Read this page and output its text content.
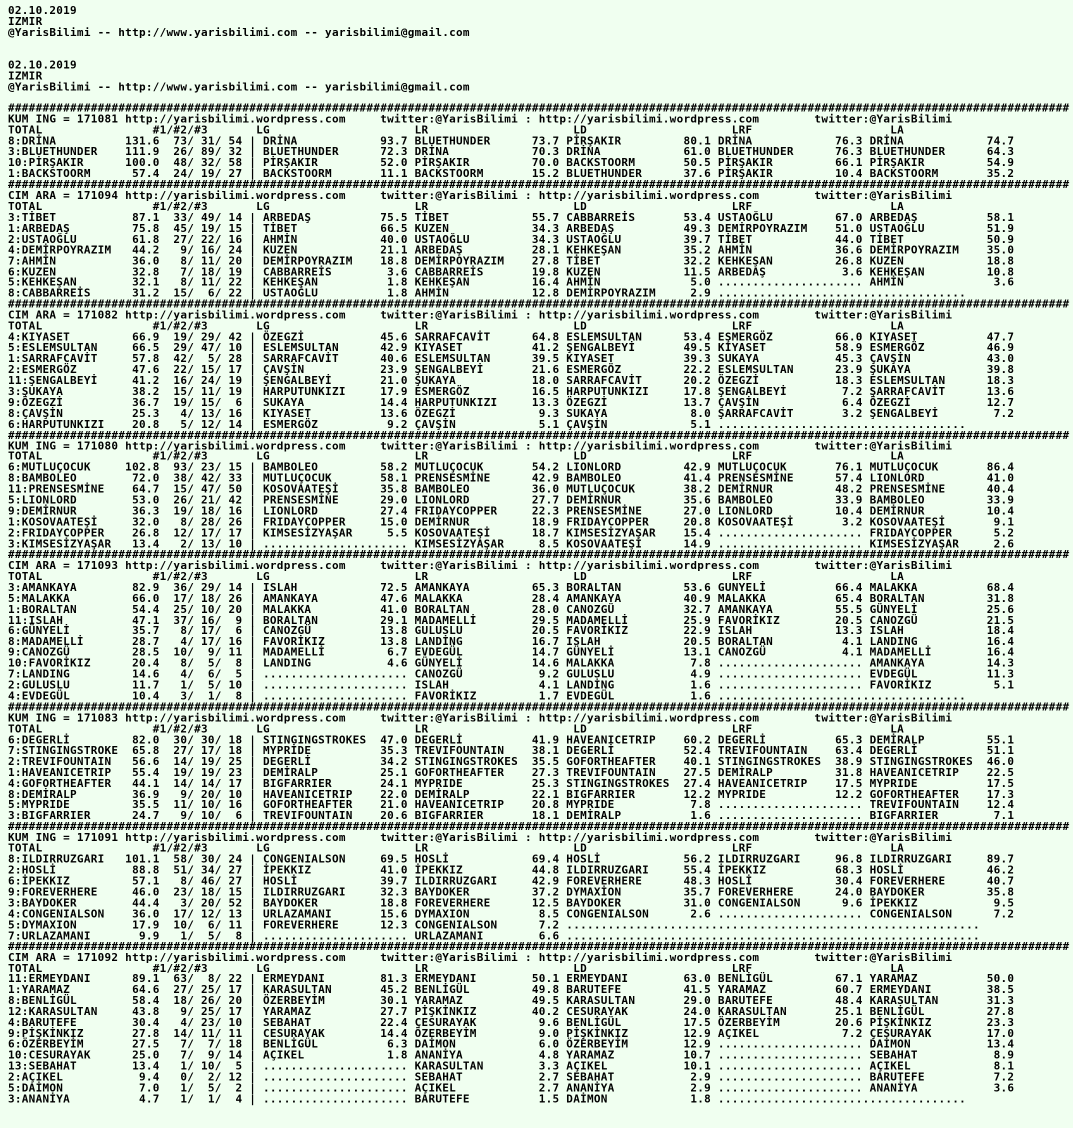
02.10.2019
IZMIR
@YarisBilimi -- http://www.yarisbilimi.com -- yarisbilimi@gmail.com
02.10.2019
IZMIR
@YarisBilimi -- http://www.yarisbilimi.com -- yarisbilimi@gmail.com
##########################################################################################################################################################
KUM ING = 171081 http://yarisbilimi.wordpress.com     twitter:@YarisBilimi : http://yarisbilimi.wordpress.com        twitter:@YarisBilimi
TOTAL                #1/#2/#3       LG                     LR                     LD                     LRF                    LA
8:DRİNA          131.6  73/ 31/ 54 | DRİNA            93.7 BLUETHUNDER      73.7 PİRŞAKIR         80.1 DRİNA            76.3 DRİNA            74.7
3:BLUETHUNDER    111.9  26/ 89/ 32 | BLUETHUNDER      72.3 DRİNA            70.3 DRİNA            61.0 BLUETHUNDER      76.3 BLUETHUNDER      64.3
10:PİRŞAKIR      100.0  48/ 32/ 58 | PİRŞAKIR         52.0 PİRŞAKIR         70.0 BACKSTOORM       50.5 PİRŞAKIR         66.1 PİRŞAKIR         54.9
1:BACKSTOORM      57.4  24/ 19/ 27 | BACKSTOORM       11.1 BACKSTOORM       15.2 BLUETHUNDER      37.6 PİRŞAKIR         10.4 BACKSTOORM       35.2
##########################################################################################################################################################
CIM ARA = 171094 http://yarisbilimi.wordpress.com     twitter:@YarisBilimi : http://yarisbilimi.wordpress.com        twitter:@YarisBilimi
TOTAL                #1/#2/#3       LG                     LR                     LD                     LRF                    LA
3:TİBET           87.1  33/ 49/ 14 | ARBEDAŞ          75.5 TİBET            55.7 CABBARREİS       53.4 USTAOĞLU         67.0 ARBEDAŞ          58.1
1:ARBEDAŞ         75.8  45/ 19/ 15 | TİBET            66.5 KUZEN            34.3 ARBEDAŞ          49.3 DEMİRPOYRAZIM    51.0 USTAOĞLU         51.9
2:USTAOĞLU        61.8  27/ 22/ 16 | AHMİN            40.0 USTAOĞLU         34.3 USTAOĞLU         39.7 TİBET            44.0 TİBET            50.9
4:DEMİRPOYRAZIM   44.2   9/ 16/ 24 | KUZEN            21.1 ARBEDAŞ          28.1 KEHKEŞAN         35.2 AHMİN            36.6 DEMİRPOYRAZIM    35.0
7:AHMİN           36.0   8/ 11/ 20 | DEMİRPOYRAZIM    18.8 DEMİRPOYRAZIM    27.8 TİBET            32.2 KEHKEŞAN         26.8 KUZEN            18.8
6:KUZEN           32.8   7/ 18/ 19 | CABBARREİS        3.6 CABBARREİS       19.8 KUZEN            11.5 ARBEDAŞ           3.6 KEHKEŞAN         10.8
5:KEHKEŞAN        32.1   8/ 11/ 22 | KEHKEŞAN          1.8 KEHKEŞAN         16.4 AHMİN             5.0 ..................... AHMİN             3.6
8:CABBARREİS      31.2  15/  6/ 22 | USTAOĞLU          1.8 AHMİN            12.8 DEMİRPOYRAZIM     2.9 ....................................
##########################################################################################################################################################
CIM ARA = 171082 http://yarisbilimi.wordpress.com     twitter:@YarisBilimi : http://yarisbilimi.wordpress.com        twitter:@YarisBilimi
TOTAL                #1/#2/#3       LG                     LR                     LD                     LRF                    LA
4:KIYASET         66.9  19/ 29/ 42 | ÖZEGZİ           45.6 SARRAFCAVİT      64.8 ESLEMSULTAN      53.4 EŞMERGÖZ         66.0 KIYASET          47.7
5:ESLEMSULTAN     66.5  29/ 47/ 10 | ESLEMSULTAN      42.9 KIYASET          41.2 ŞENGALBEYİ       49.5 KIYASET          58.9 ESMERGÖZ         46.9
1:SARRAFCAVİT     57.8  42/  5/ 28 | SARRAFCAVİT      40.6 ESLEMSULTAN      39.5 KIYASET          39.3 SUKAYA           45.3 ÇAVŞİN           43.0
2:ESMERGÖZ        47.6  22/ 15/ 17 | ÇAVŞİN           23.9 ŞENGALBEYİ       21.6 ESMERGÖZ         22.2 ESLEMSULTAN      23.9 ŞUKAYA           39.8
11:ŞENGALBEYİ     41.2  16/ 24/ 19 | ŞENGALBEYİ       21.0 ŞUKAYA           18.0 SARRAFCAVİT      20.2 ÖZEGZİ           18.3 ESLEMSULTAN      18.3
3:ŞUKAYA          38.2  15/ 11/ 19 | HARPUTUNKIZI     17.9 ESMERGÖZ         16.5 HARPUTUNKIZI     17.8 ŞENGALBEYİ        7.2 ŞARRAFCAVİT      13.6
9:ÖZEGZİ          36.7  19/ 15/  6 | SUKAYA           14.4 HARPUTUNKIZI     13.3 ÖZEGZİ           13.7 ÇAVŞİN            6.4 ÖZEGZİ           12.7
8:ÇAVŞİN          25.3   4/ 13/ 16 | KIYASET          13.6 ÖZEGZİ            9.3 SUKAYA            8.0 ŞARRAFCAVİT       3.2 ŞENGALBEYİ        7.2
6:HARPUTUNKIZI    20.8   5/ 12/ 14 | ESMERGÖZ          9.2 ÇAVŞİN            5.1 ÇAVŞİN            5.1 ....................................
##########################################################################################################################################################
KUM ING = 171080 http://yarisbilimi.wordpress.com     twitter:@YarisBilimi : http://yarisbilimi.wordpress.com        twitter:@YarisBilimi
TOTAL                #1/#2/#3       LG                     LR                     LD                     LRF                    LA
6:MUTLUÇOCUK     102.8  93/ 23/ 15 | BAMBOLEO         58.2 MUTLUÇOCUK       54.2 LIONLORD         42.9 MUTLUÇOCUK       76.1 MUTLUÇOCUK       86.4
8:BAMBOLEO        72.0  38/ 42/ 33 | MUTLUÇOCUK       58.1 PRENSESMİNE      42.9 BAMBOLEO         41.4 PRENSESMİNE      57.4 LIONLORD         41.0
11:PRENSESMİNE    64.7  15/ 47/ 50 | KOSOVAATEŞİ      35.8 BAMBOLEO         36.0 MUTLUÇOCUK       38.2 DEMİRNUR         48.2 PRENSESMİNE      40.4
5:LIONLORD        53.0  26/ 21/ 42 | PRENSESMİNE      29.0 LIONLORD         27.7 DEMİRNUR         35.6 BAMBOLEO         33.9 BAMBOLEO         33.9
9:DEMİRNUR        36.3  19/ 18/ 16 | LIONLORD         27.4 FRIDAYCOPPER     22.3 PRENSESMİNE      27.0 LIONLORD         10.4 DEMİRNUR         10.4
1:KOSOVAATEŞİ     32.0   8/ 28/ 26 | FRIDAYCOPPER     15.0 DEMİRNUR         18.9 FRIDAYCOPPER     20.8 KOSOVAATEŞİ       3.2 KOSOVAATEŞİ       9.1
2:FRIDAYCOPPER    26.8  12/ 17/ 17 | KIMSESİZYAŞAR     5.5 KOSOVAATEŞİ      18.7 KIMSESİZYAŞAR    15.4 ..................... FRIDAYCOPPER      5.2
3:KIMSESİZYAŞAR   13.4   2/ 13/ 10 | ..................... KIMSESİZYAŞAR     8.5 KOSOVAATEŞİ      14.9 ..................... KIMSESİZYAŞAR     2.6
##########################################################################################################################################################
CIM ARA = 171093 http://yarisbilimi.wordpress.com     twitter:@YarisBilimi : http://yarisbilimi.wordpress.com        twitter:@YarisBilimi
TOTAL                #1/#2/#3       LG                     LR                     LD                     LRF                    LA
3:AMANKAYA        82.9  36/ 29/ 14 | ISLAH            72.5 AMANKAYA         65.3 BORALTAN         53.6 GUNYELİ          66.4 MALAKKA          68.4
5:MALAKKA         66.0  17/ 18/ 26 | AMANKAYA         47.6 MALAKKA          28.4 AMANKAYA         40.9 MALAKKA          65.4 BORALTAN         31.8
1:BORALTAN        54.4  25/ 10/ 20 | MALAKKA          41.0 BORALTAN         28.0 CANOZGÜ          32.7 AMANKAYA         55.5 GÜNYELİ          25.6
11:ISLAH          47.1  37/ 16/  9 | BORALTAN         29.1 MADAMELLİ        29.5 MADAMELLİ        25.9 FAVORİKIZ        20.5 CANOZGÜ          21.5
6:GÜNYELİ         35.7   8/ 17/  6 | CANOZGÜ          13.8 GULUSLU          20.5 FAVORİKIZ        22.9 ISLAH            13.3 ISLAH            18.4
8:MADAMELLİ       28.7   4/ 17/ 16 | FAVORİKIZ        13.8 LANDİNG          16.7 ISLAH            20.5 BORALTAN          4.1 LANDING          16.4
9:CANOZGÜ         28.5  10/  9/ 11 | MADAMELLİ         6.7 EVDEGÜL          14.7 GÜNYELİ          13.1 CANOZGÜ           4.1 MADAMELLİ        16.4
10:FAVORİKIZ      20.4   8/  5/  8 | LANDING           4.6 GÜNYELİ          14.6 MALAKKA           7.8 ..................... AMANKAYA         14.3
7:LANDING         14.6   4/  6/  5 | ..................... CANOZGÜ           9.2 GULUSLU           4.9 ..................... EVDEGÜL          11.3
2:GULUSLU         11.7   1/  5/ 10 | ..................... ISLAH             4.1 LANDİNG           1.6 ..................... FAVORİKIZ         5.1
4:EVDEGÜL         10.4   3/  1/  8 | ..................... FAVORİKIZ         1.7 EVDEGÜL           1.6 ....................................
##########################################################################################################################################################
KUM ING = 171083 http://yarisbilimi.wordpress.com     twitter:@YarisBilimi : http://yarisbilimi.wordpress.com        twitter:@YarisBilimi
TOTAL                #1/#2/#3       LG                     LR                     LD                     LRF                    LA
6:DEGERLİ         82.0  30/ 30/ 18 | STINGINGSTROKES  47.0 DEGERLİ          41.9 HAVEANICETRIP    60.2 DEGERLİ          65.3 DEMİRALP         55.1
7:STINGINGSTROKE  65.8  27/ 17/ 18 | MYPRİDE          35.3 TREVIFOUNTAIN    38.1 DEGERLİ          52.4 TREVIFOUNTAIN    63.4 DEGERLİ          51.1
2:TREVIFOUNTAIN   56.6  14/ 19/ 25 | DEGERLİ          34.2 STINGINGSTROKES  35.5 GOFORTHEAFTER    40.1 STINGINGSTROKES  38.9 STINGINGSTROKES  46.0
1:HAVEANICETRIP   55.4  19/ 19/ 23 | DEMİRALP         25.1 GOFORTHEAFTER    27.3 TREVIFOUNTAIN    27.5 DEMİRALP         31.8 HAVEANICETRIP    22.5
4:GOFORTHEAFTER   44.1  14/ 14/ 17 | BIGFARRIER       24.1 MYPRIDE          25.3 STINGINGSTROKES  27.4 HAVEANICETRIP    17.5 MYPRIDE          17.5
8:DEMİRALP        36.9   9/ 20/ 10 | HAVEANICETRIP    22.0 DEMİRALP         22.1 BIGFARRIER       12.2 MYPRIDE          12.2 GOFORTHEAFTER    17.3
5:MYPRIDE         35.5  11/ 10/ 16 | GOFORTHEAFTER    21.0 HAVEANICETRIP    20.8 MYPRIDE           7.8 ..................... TREVIFOUNTAIN    12.4
3:BIGFARRIER      24.7   9/ 10/  6 | TREVIFOUNTAIN    20.6 BIGFARRIER       18.1 DEMİRALP          1.6 ..................... BIGFARRIER        7.1
##########################################################################################################################################################
KUM ING = 171091 http://yarisbilimi.wordpress.com     twitter:@YarisBilimi : http://yarisbilimi.wordpress.com        twitter:@YarisBilimi
TOTAL                #1/#2/#3       LG                     LR                     LD                     LRF                    LA
8:ILDIRRUZGARI   101.1  58/ 30/ 24 | CONGENIALSON     69.5 HOSLİ            69.4 HOSLİ            56.2 ILDIRRUZGARI     96.8 ILDIRRUZGARI     89.7
2:HOSLİ           88.8  51/ 34/ 27 | İPEKKIZ          41.0 İPEKKIZ          44.8 ILDIRRUZGARI     55.4 İPEKKIZ          68.3 HOSLİ            46.2
6:İPEKKIZ         57.1   8/ 46/ 27 | HOSLİ            39.7 ILDIRRUZGARI     42.9 FOREVERHERE      48.3 HOSLİ            30.4 FOREVERHERE      40.7
9:FOREVERHERE     46.0  23/ 18/ 15 | ILDIRRUZGARI     32.3 BAYDOKER         37.2 DYMAXİON         35.7 FOREVERHERE      24.0 BAYDOKER         35.8
3:BAYDOKER        44.4   3/ 20/ 52 | BAYDOKER         18.8 FOREVERHERE      12.5 BAYDOKER         31.0 CONGENIALSON      9.6 İPEKKIZ           9.5
4:CONGENIALSON    36.0  17/ 12/ 13 | URLAZAMANI       15.6 DYMAXION          8.5 CONGENIALSON      2.6 ..................... CONGENIALSON      7.2
5:DYMAXION        17.9  10/  6/ 11 | FOREVERHERE      12.3 CONGENIALSON      7.2 ............................................................
7:URLAZAMANI       9.9   1/  5/  8 | ..................... URLAZAMANI        6.6 ............................................................
##########################################################################################################################################################
CIM ARA = 171092 http://yarisbilimi.wordpress.com     twitter:@YarisBilimi : http://yarisbilimi.wordpress.com        twitter:@YarisBilimi
TOTAL                #1/#2/#3       LG                     LR                     LD                     LRF                    LA
11:ERMEYDANI      89.1  63/  8/ 22 | ERMEYDANI        81.3 ERMEYDANI        50.1 ERMEYDANI        63.0 BENLİGÜL         67.1 YARAMAZ          50.0
1:YARAMAZ         64.6  27/ 25/ 17 | KARASULTAN       45.2 BENLİGÜL         49.8 BARUTEFE         41.5 YARAMAZ          60.7 ERMEYDANI        38.5
8:BENLİGÜL        58.4  18/ 26/ 20 | ÖZERBEYİM        30.1 YARAMAZ          49.5 KARASULTAN       29.0 BARUTEFE         48.4 KARASULTAN       31.3
12:KARASULTAN     43.8   9/ 25/ 17 | YARAMAZ          27.7 PİŞKİNKIZ        40.2 CESURAYAK        24.0 KARASULTAN       25.1 BENLİGÜL         27.8
4:BARUTEFE        30.4   4/ 23/ 10 | SEBAHAT          22.4 ÇESURAYAK         9.6 BENLİGÜL         17.5 ÖZERBEYİM        20.6 PİŞKİNKIZ        23.3
9:PİŞKİNKIZ       27.8  14/ 11/ 11 | CESURAYAK        14.4 ÖZERBEYİM         9.0 PİŞKİNKIZ        12.9 AÇIKEL            7.2 ÇESURAYAK        17.0
6:ÖZERBEYİM       27.5   7/  7/ 18 | BENLİGÜL          6.3 DAİMON            6.0 ÖZERBEYİM        12.9 ..................... DAİMON           13.4
10:CESURAYAK      25.0   7/  9/ 14 | AÇIKEL            1.8 ANANİYA           4.8 YARAMAZ          10.7 ..................... SEBAHAT           8.9
13:SEBAHAT        13.4   1/ 10/  5 | ..................... KARASULTAN        3.3 AÇIKEL           10.1 ..................... AÇIKEL            8.1
2:AÇIKEL           9.4   0/  2/ 12 | ..................... SEBAHAT           2.7 SEBAHAT           2.9 ..................... BARUTEFE          7.2
5:DAİMON           7.0   1/  5/  2 | ..................... AÇIKEL            2.7 ANANİYA           2.9 ..................... ANANİYA           3.6
3:ANANİYA          4.7   1/  1/  4 | ..................... BARUTEFE          1.5 DAİMON            1.8 ....................................
